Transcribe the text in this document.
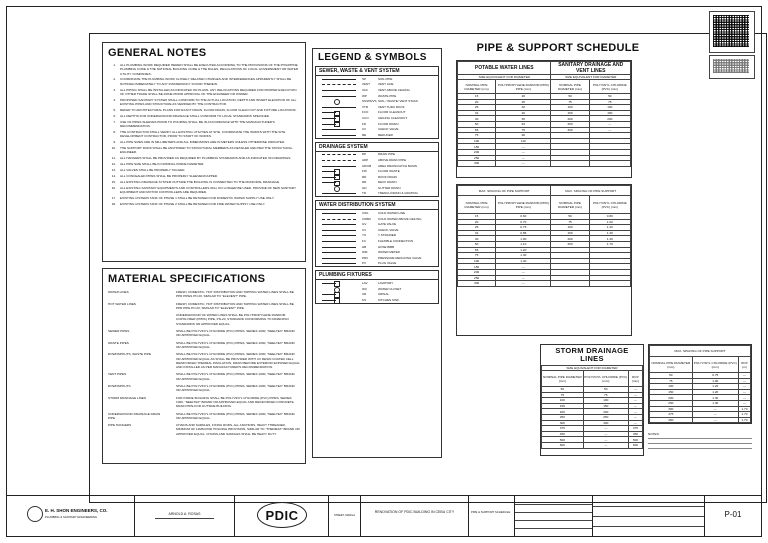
GENERAL NOTES
1. ALL PLUMBING WORK REQUIRED HEREIN SHALL BE EXECUTED ACCORDING TO THE PROVISIONS OF THE PHILIPPINE PLUMBING CODE & THE NATIONAL BUILDING CODE & THE RULES, REGULATIONS OF LOCAL GOVERNMENT OR WATER UTILITY COMPANIES.
2. COORDINATE THE PLUMBING WORK CLOSELY RELATED CHANGES AND INTERFERENCES APPARENTLY SHALL BE NOTIFIED IMMEDIATELY TO ANY DISCREPANCY FOUND THEREIN.
3. ALL PIPING SHALL BE INSTALLED AS INDICATED ON PLANS. ANY RELOCATIONS REQUIRED FOR PROPER EXECUTION OF OTHER TRADE SHALL BE DONE PRIOR APPROVAL OF THE ENGINEER OR OWNER.
4. PROPOSED SANITARY SYSTEM SHALL CONFORM TO THE ACTUAL LOCATION, DEPTH AND INVERT ELEVATION OF ALL EXISTING PIPES AND STRUCTURE AS VERIFIED BY THE CONTRACTOR.
5. REFER TO ARCHITECTURAL PLANS FOR EXACT DRAIN, FLOOR DRAIN, FLOOR CLEAN OUT AND FIXTURE LOCATIONS.
6. ALL DEPTHS FOR UNDERGROUND DRAINAGE SHALL CONFORM TO LOCAL STANDARDS SPECIFIED.
7. USE OF PIPES SLEEVES PRIOR TO POURING SHALL BE IN ACCORDANCE WITH THE MANUFACTURER'S RECOMMENDATION.
8. THE CONTRACTOR SHALL VERIFY ALL EXISTING UTILITIES AT SITE, COORDINATE THE WORKS WITH THE SITE DEVELOPMENT CONTRACTOR, PRIOR TO START OF WORKS.
9. ALL PIPE SIZES ARE IN MILLIMETERS AND ALL DIMENSIONS ARE IN METERS UNLESS OTHERWISE INDICATED.
10. THE SUPPORT RODS SHALL BE ANCHORED TO STRUCTURAL MEMBERS AS DETAILED AND PER THE STRUCTURAL ENGINEER.
11. ALL HANGERS SHALL BE PROVIDED AS REQUIRED BY PLUMBING STANDARDS AND AS INDICATED ON DRAWINGS.
12. ALL PIPE SIZE SHALL BE IN NOMINAL INSIDE DIAMETER.
13. ALL VALVES SHALL BE PROPERLY TAGGED.
14. ALL CONCEALED PIPES SHALL BE PROPERLY SLEEVED/CAPPED.
15. ALL EXISTING DRAINAGE SYSTEM OUTSIDE THE BUILDING IS CONNECTED TO THE MUNICIPAL DRAINAGE.
16. ALL EXISTING SANITARY EQUIPMENTS AND CONTROLLERS WILL NO LONGER BE USED. PROVIDE OF NEW SANITARY EQUIPMENT AND MOTOR CONTROLLERS ARE REQUIRED.
17. EXISTING CISTERN TANK OF PHASE 1 SHALL BE RETAINED FOR DOMESTIC WATER SUPPLY USE ONLY.
18. EXISTING CISTERN TANK OF PHASE 2 SHALL BE RETAINED FOR FIRE WATER SUPPLY USE ONLY.
MATERIAL SPECIFICATIONS
WATER LINES	FRESH, DOMESTIC, HOT DISTRIBUTION AND TAPPING WATER LINES SHALL BE PPR PIPES PN 20, SIMILAR TO "ELEVENT" PIPE.
HOT WATER LINES	FRESH, DOMESTIC, HOT DISTRIBUTION AND TAPPING WATER LINES SHALL BE PPR PIPE PN 20, SIMILAR TO "ELEVENT" PIPE.
UNDERGROUND OF WATER LINES SHALL BE POLYPROPYLENE RANDOM COPOLYMER (PPRC) PIPE, PN-20, STANDARD CONFORMING TO DIN/EN/ISO STANDARDS OR APPROVED EQUAL.
SEWER PIPES	SHALL BE POLYVINYL CHLORIDE (PVC) PIPES, SERIES 1000, "NEELTEX" BRAND OR APPROVED EQUAL.
WASTE PIPES	SHALL BE POLYVINYL CHLORIDE (PVC) PIPES, SERIES 1000, "NEELTEX" BRAND OR APPROVED EQUAL.
DOWNSPOUTS, WASTE PIPE	SHALL BE POLYVINYL CHLORIDE (PVC) PIPES, SERIES 1000, "NEELTEX" BRAND OR APPROVED EQUAL AS SHALL BE PROVIDED WITH UV RESIN COATED CELL REINFORCED THERMAL INSULATION, DRAIN BEFORE EXTERIOR EXPOSED EQUAL AND INSTALLED AS PER MANUFACTURER'S RECOMMENDATION.
VENT PIPES	SHALL BE POLYVINYL CHLORIDE (PVC) PIPES, SERIES 1000, "NEELTEX" BRAND OR APPROVED EQUAL.
DOWNSPOUTS	SHALL BE POLYVINYL CHLORIDE (PVC) PIPES, SERIES 1000, "NEELTEX" BRAND OR APPROVED EQUAL.
STORM DRAINAGE LINES	FOR INSIDE BUILDING SHALL BE POLYVINYL CHLORIDE (PVC) PIPES, SERIES 1000, "NEELTEX" BRAND OR APPROVED EQUAL AND REINFORCED CONCRETE DRAIN PIPE FOR OUTSIDE BUILDING.
UNDERGROUND DRAINAGE DRAIN PIPE
SHALL BE POLYVINYL CHLORIDE (PVC) PIPES, SERIES 1000, "NEELTEX" BRAND OR APPROVED EQUAL.
PIPE HANGERS	CHAINS AND SADDLES, FIXING RODS, ALL ANCHORS, HEAVY THREADED, MINIMUM OF 12MM ROD HOLDING PROVISION, SIMILAR TO "THERMAX" BRAND OR APPROVED EQUAL. CHAINS AND SADDLES SHALL BE HEAVY DUTY.
LEGEND & SYMBOLS
SEWER, WASTE & VENT SYSTEM
SP	SOIL PIPE
VENT	VENT LINE
VAC	VENT ABOVE CEILING
WP	WASTE PIPE
SS/WS/VS SOIL / WASTE/ VENT STACK
VTR	VENT THRU ROOF
FCO	FLOOR CLEANOUT
CCO	CEILING CLEANOUT
FD	FLOOR DRAIN
CV	CHECK VALVE
RE	REDUCER
DRAINAGE SYSTEM
DP	DRAIN PIPE
ADP	ABOVE DRAIN PIPE
AD/CB	AREA DRAIN/CATCH BASIN
FW	FLOOR WASTE
RD	ROOF DRAIN
DR	DECK DRAIN
GD	GUTTER DRAIN
TD	TRENCH DRAIN & GRATING
WATER DISTRIBUTION SYSTEM
CWL	COLD WATER LINE
CWBC	COLD WATER ABOVE CEILING
GV	GATE VALVE
CV	CHECK VALVE
YS	Y STRAINER
FC	FLEXIBLE CONNECTION
HB	HOSE BIBB
WM	WATER METER
PRV	PRESSURE REDUCING VALVE
PV	PLUG VALVE
PLUMBING FIXTURES
LAV	LAVATORY
WC	WATER CLOSET
UR	URINAL
KS	KITCHEN SINK
PIPE & SUPPORT SCHEDULE
POTABLE WATER LINES		SANITARY DRAINAGE AND VENT LINES	
SIZE EQUIVALENT FOR DIAMETER		SIZE EQUIVALENT FOR DIAMETER	
NOMINAL PIPE DIAMETER (mm)	POLYPROPYLENE RANDOM (PPR) PIPE (mm)	NOMINAL PIPE DIAMETER (mm)	POLYVINYL CHLORIDE (PVC) (mm)
15	20	50	50
20	25	75	75
25	32	100	100
32	40	150	150
40	50	200	200
50	63	250	—
65	75	300	—
75	90		
100	110		
150	—		
200	—		
250	—		
300	—		
MAX. SPACING OF PIPE SUPPORT		MAX. SPACING OF PIPE SUPPORT	
NOMINAL PIPE DIAMETER (mm)	POLYPROPYLENE RANDOM (PPR) PIPE (mm)	NOMINAL PIPE DIAMETER (mm)	POLYVINYL CHLORIDE (PVC) (mm)
15	0.60	50	0.80
20	0.70	75	1.00
25	0.75	100	1.20
32	0.85	150	1.30
40	1.00	200	1.40
50	1.10	250	1.70
65	1.20		
75	1.30		
100	1.40		
150	—		
200	—		
250	—		
300	—		
STORM DRAINAGE LINES
SIZE EQUIVALENT FOR DIAMETER		
NOMINAL PIPE DIAMETER (mm)	POLYVINYL CHLORIDE (PVC) (mm)	RCP (mm)
50	50	—
75	75	—
100	100	—
150	150	—
200	200	—
250	250	—
300	300	—
375	—	375
450	—	450
500	—	500
600	—	600
MAX. SPACING OF PIPE SUPPORT		
NOMINAL PIPE DIAMETER (mm)	POLYVINYL CHLORIDE (PVC) (mm)	RCP (m)
50	0.75	—
75	1.00	—
100	1.20	—
150	1.20	—
200	1.30	—
250	1.30	—
300	—	1.70
375	—	1.70
450	—	1.70
NOTES:
E. H. SHON ENGINEERS, CO.
PLUMBING & SANITARY ENGINEERING
ARNOLD A. ROSAS	PDIC	STREET, MANILA
RENOVATION OF PDIC BUILDING IN CEBU CITY	PIPE & SUPPORT SCHEDULE	P-01
